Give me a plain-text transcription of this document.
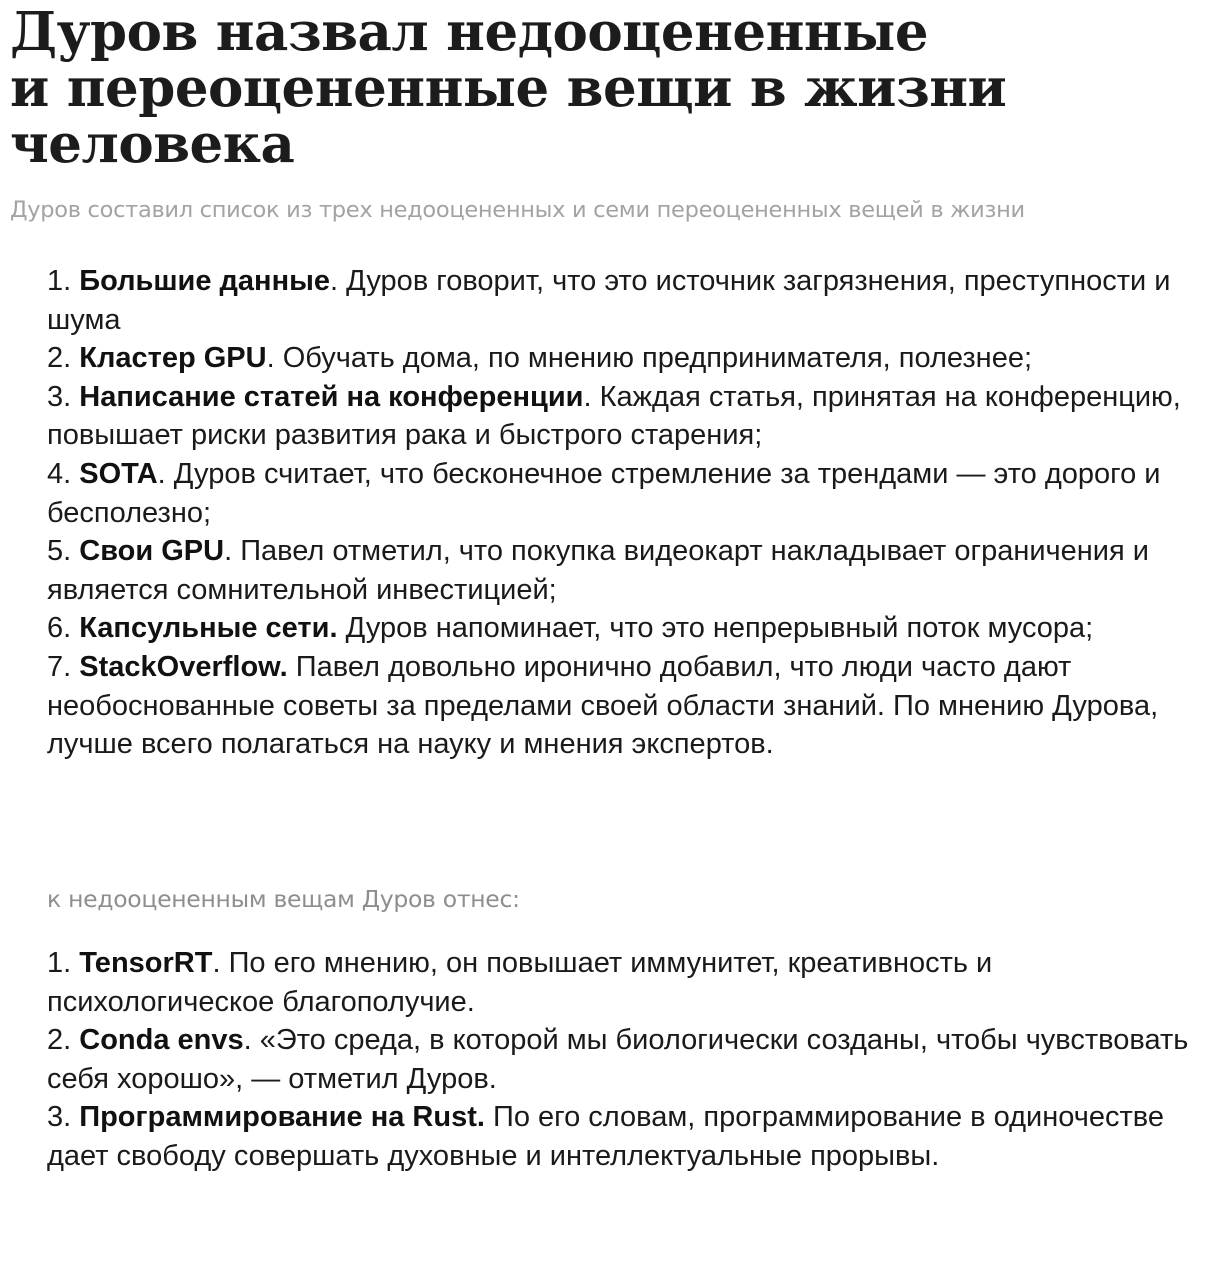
Дуров назвал недооцененные
и переоцененные вещи в жизни
человека

Дуров составил список из трех недооцененных и семи переоцененных вещей в жизни

1. Большие данные. Дуров говорит, что это источник загрязнения, преступности и шума
2. Кластер GPU. Обучать дома, по мнению предпринимателя, полезнее;
3. Написание статей на конференции. Каждая статья, принятая на конференцию, повышает риски развития рака и быстрого старения;
4. SOTA. Дуров считает, что бесконечное стремление за трендами — это дорого и бесполезно;
5. Свои GPU. Павел отметил, что покупка видеокарт накладывает ограничения и является сомнительной инвестицией;
6. Капсульные сети. Дуров напоминает, что это непрерывный поток мусора;
7. StackOverflow. Павел довольно иронично добавил, что люди часто дают необоснованные советы за пределами своей области знаний. По мнению Дурова, лучше всего полагаться на науку и мнения экспертов.
к недооцененным вещам Дуров отнес:
1. TensorRT. По его мнению, он повышает иммунитет, креативность и психологическое благополучие.
2. Conda envs. «Это среда, в которой мы биологически созданы, чтобы чувствовать себя хорошо», — отметил Дуров.
3. Программирование на Rust. По его словам, программирование в одиночестве дает свободу совершать духовные и интеллектуальные прорывы.
